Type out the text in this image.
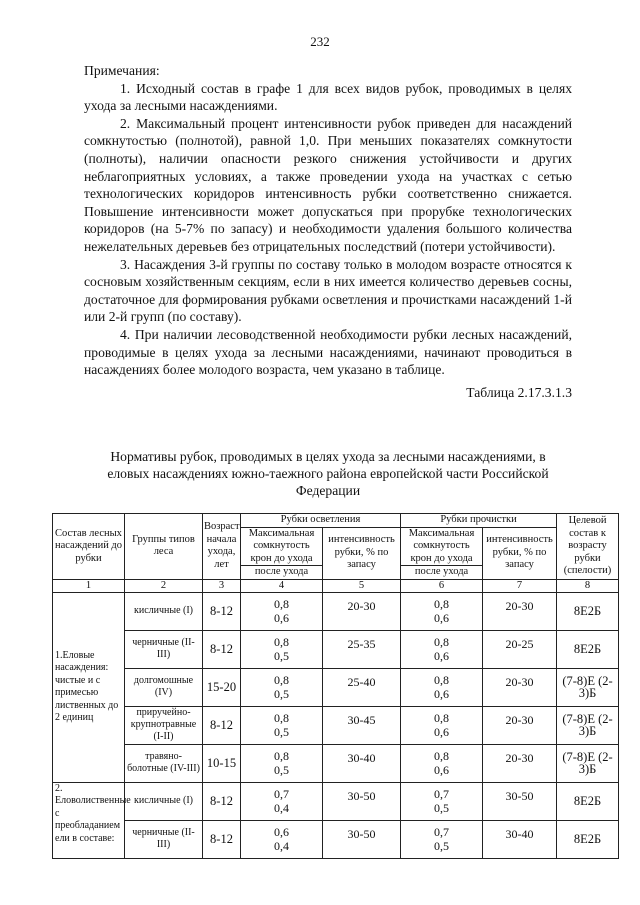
232

Примечания:

1. Исходный состав в графе 1 для всех видов рубок, проводимых в целях ухода за лесными насаждениями.

2. Максимальный процент интенсивности рубок приведен для насаждений сомкнутостью (полнотой), равной 1,0. При меньших показателях сомкнутости (полноты), наличии опасности резкого снижения устойчивости и других неблагоприятных условиях, а также проведении ухода на участках с сетью технологических коридоров интенсивность рубки соответственно снижается. Повышение интенсивности может допускаться при прорубке технологических коридоров (на 5-7% по запасу) и необходимости удаления большого количества нежелательных деревьев без отрицательных последствий (потери устойчивости).

3. Насаждения 3-й группы по составу только в молодом возрасте относятся к сосновым хозяйственным секциям, если в них имеется количество деревьев сосны, достаточное для формирования рубками осветления и прочистками насаждений 1-й или 2-й групп (по составу).

4. При наличии лесоводственной необходимости рубки лесных насаждений, проводимые в целях ухода за лесными насаждениями, начинают проводиться в насаждениях более молодого возраста, чем указано в таблице.

Таблица 2.17.3.1.3

Нормативы рубок, проводимых в целях ухода за лесными насаждениями, в еловых насаждениях южно-таежного района европейской части Российской Федерации
Состав лесных насаждений до рубки	Группы типов леса	Возраст начала ухода, лет	Рубки осветления		Рубки прочистки		Целевой состав к возрасту рубки (спелости)
			Максимальная сомкнутость крон до ухода	интенсивность рубки, % по запасу	Максимальная сомкнутость крон до ухода	интенсивность рубки, % по запасу	
			после ухода		после ухода		
1	2	3	4	5	6	7	8
1.Еловые насаждения: чистые и с примесью лиственных до 2 единиц	кисличные (I)	8-12	0,8
0,6	20-30	0,8
0,6	20-30	8Е2Б
	черничные (II-III)	8-12	0,8
0,5	25-35	0,8
0,6	20-25	8Е2Б
	долгомошные (IV)	15-20	0,8
0,5	25-40	0,8
0,6	20-30	(7-8)Е (2-3)Б
	приручейно-крупнотравные (I-II)	8-12	0,8
0,5	30-45	0,8
0,6	20-30	(7-8)Е (2-3)Б
	травяно-болотные (IV-III)	10-15	0,8
0,5	30-40	0,8
0,6	20-30	(7-8)Е (2-3)Б
2. Еловолиственные с преобладанием ели в составе:	кисличные (I)	8-12	0,7
0,4	30-50	0,7
0,5	30-50	8Е2Б
	черничные (II-III)	8-12	0,6
0,4	30-50	0,7
0,5	30-40	8Е2Б
